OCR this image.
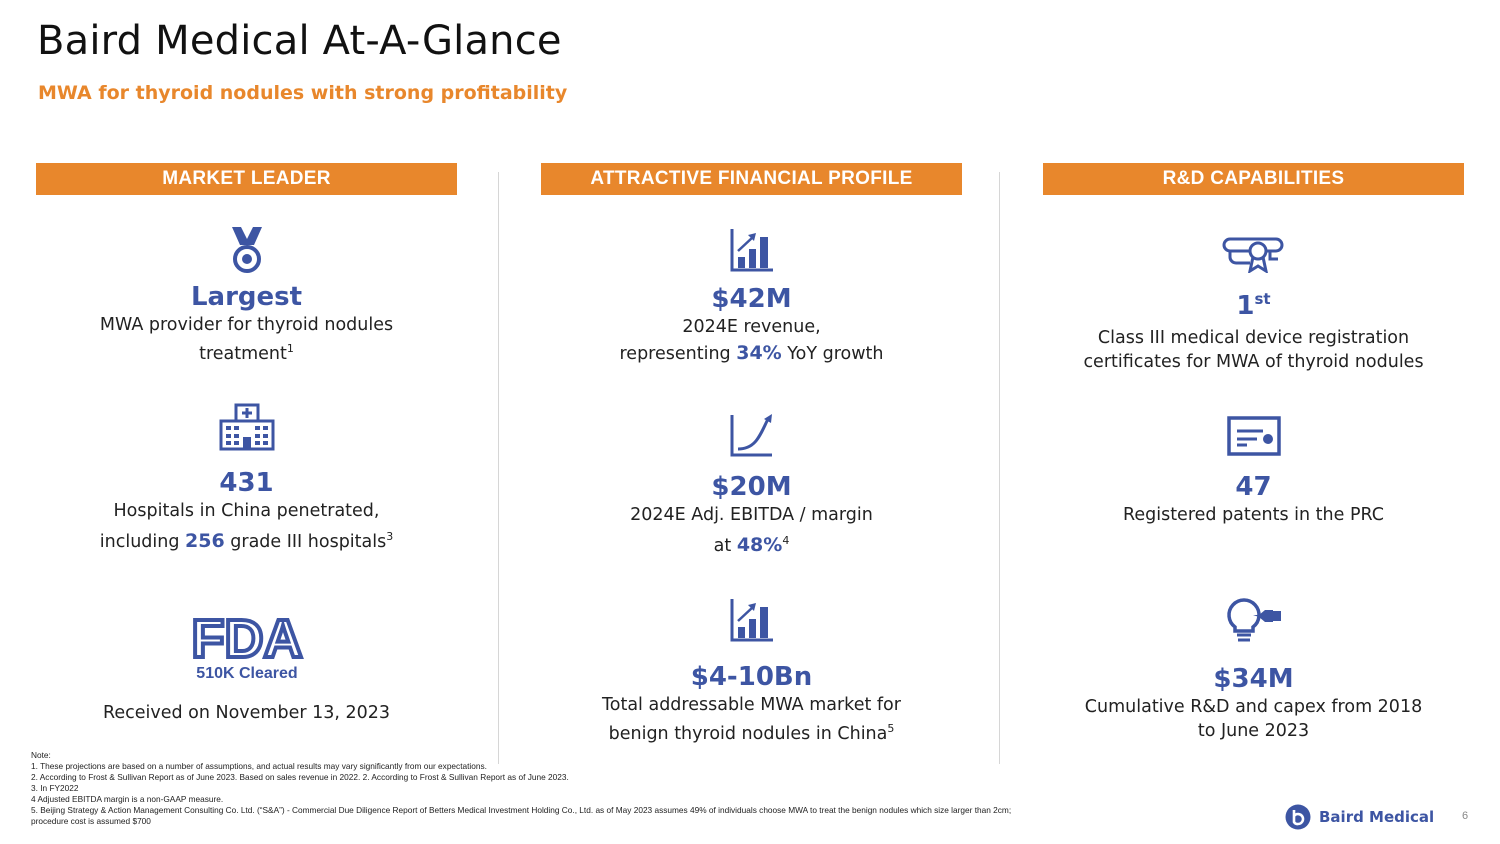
Baird Medical At-A-Glance
MWA for thyroid nodules with strong profitability
MARKET LEADER
Largest
MWA provider for thyroid nodules
treatment$^1$
431
Hospitals in China penetrated,
including 256 grade III hospitals$^3$
FDA
510K Cleared
Received on November 13, 2023
ATTRACTIVE FINANCIAL PROFILE
$42M
2024E revenue,
representing 34% YoY growth
$20M
2024E Adj. EBITDA / margin
at 48%$^4$
$4-10Bn
Total addressable MWA market for
benign thyroid nodules in China$^5$
R&D CAPABILITIES
1st
Class III medical device registration
certificates for MWA of thyroid nodules
47
Registered patents in the PRC
$34M
Cumulative R&D and capex from 2018
to June 2023
Note:
1. These projections are based on a number of assumptions, and actual results may vary significantly from our expectations.
2. According to Frost & Sullivan Report as of June 2023. Based on sales revenue in 2022. 2. According to Frost & Sullivan Report as of June 2023.
3. In FY2022
4 Adjusted EBITDA margin is a non-GAAP measure.
5. Beijing Strategy & Action Management Consulting Co. Ltd. (“S&A”) - Commercial Due Diligence Report of Betters Medical Investment Holding Co., Ltd. as of May 2023 assumes 49% of individuals choose MWA to treat the benign nodules which size larger than 2cm;
procedure cost is assumed $700	Baird Medical	6
